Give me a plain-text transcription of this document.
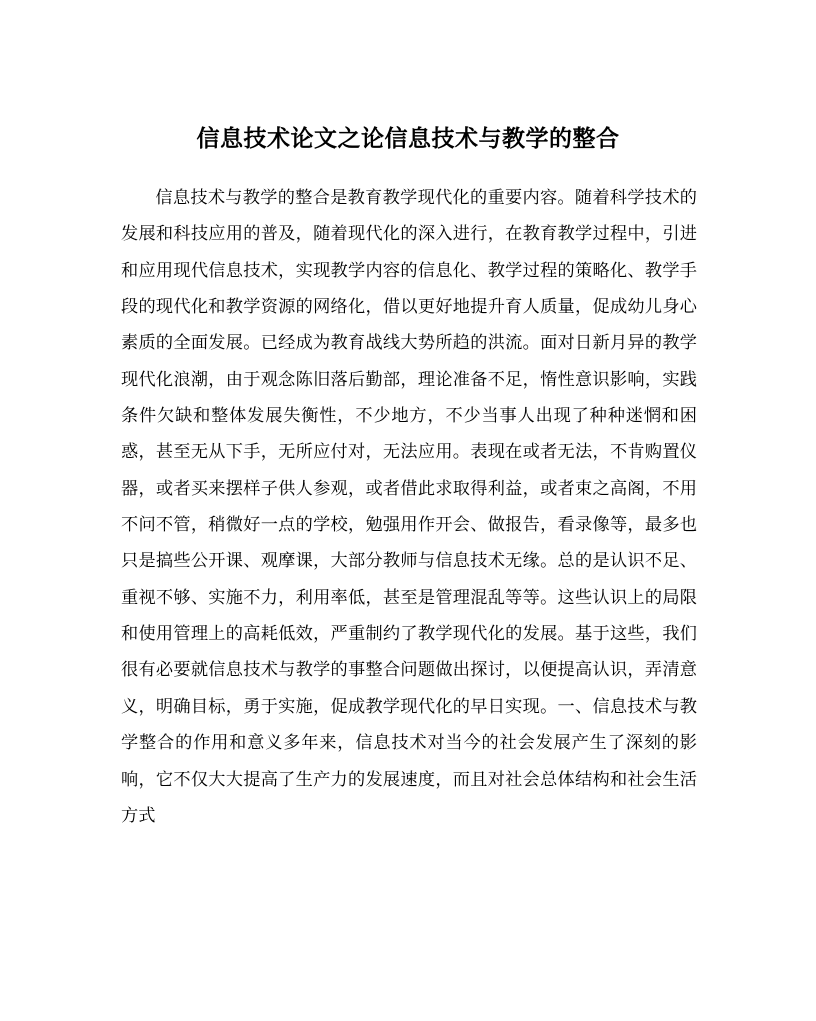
信息技术论文之论信息技术与教学的整合

信息技术与教学的整合是教育教学现代化的重要内容。随着科学技术的发展和科技应用的普及，随着现代化的深入进行，在教育教学过程中，引进和应用现代信息技术，实现教学内容的信息化、教学过程的策略化、教学手段的现代化和教学资源的网络化，借以更好地提升育人质量，促成幼儿身心素质的全面发展。已经成为教育战线大势所趋的洪流。面对日新月异的教学现代化浪潮，由于观念陈旧落后勤部，理论准备不足，惰性意识影响，实践条件欠缺和整体发展失衡性，不少地方，不少当事人出现了种种迷惘和困惑，甚至无从下手，无所应付对，无法应用。表现在或者无法，不肯购置仪器，或者买来摆样子供人参观，或者借此求取得利益，或者束之高阁，不用不问不管，稍微好一点的学校，勉强用作开会、做报告，看录像等，最多也只是搞些公开课、观摩课，大部分教师与信息技术无缘。总的是认识不足、重视不够、实施不力，利用率低，甚至是管理混乱等等。这些认识上的局限和使用管理上的高耗低效，严重制约了教学现代化的发展。基于这些，我们很有必要就信息技术与教学的事整合问题做出探讨，以便提高认识，弄清意义，明确目标，勇于实施，促成教学现代化的早日实现。一、信息技术与教学整合的作用和意义多年来，信息技术对当今的社会发展产生了深刻的影响，它不仅大大提高了生产力的发展速度，而且对社会总体结构和社会生活方式
